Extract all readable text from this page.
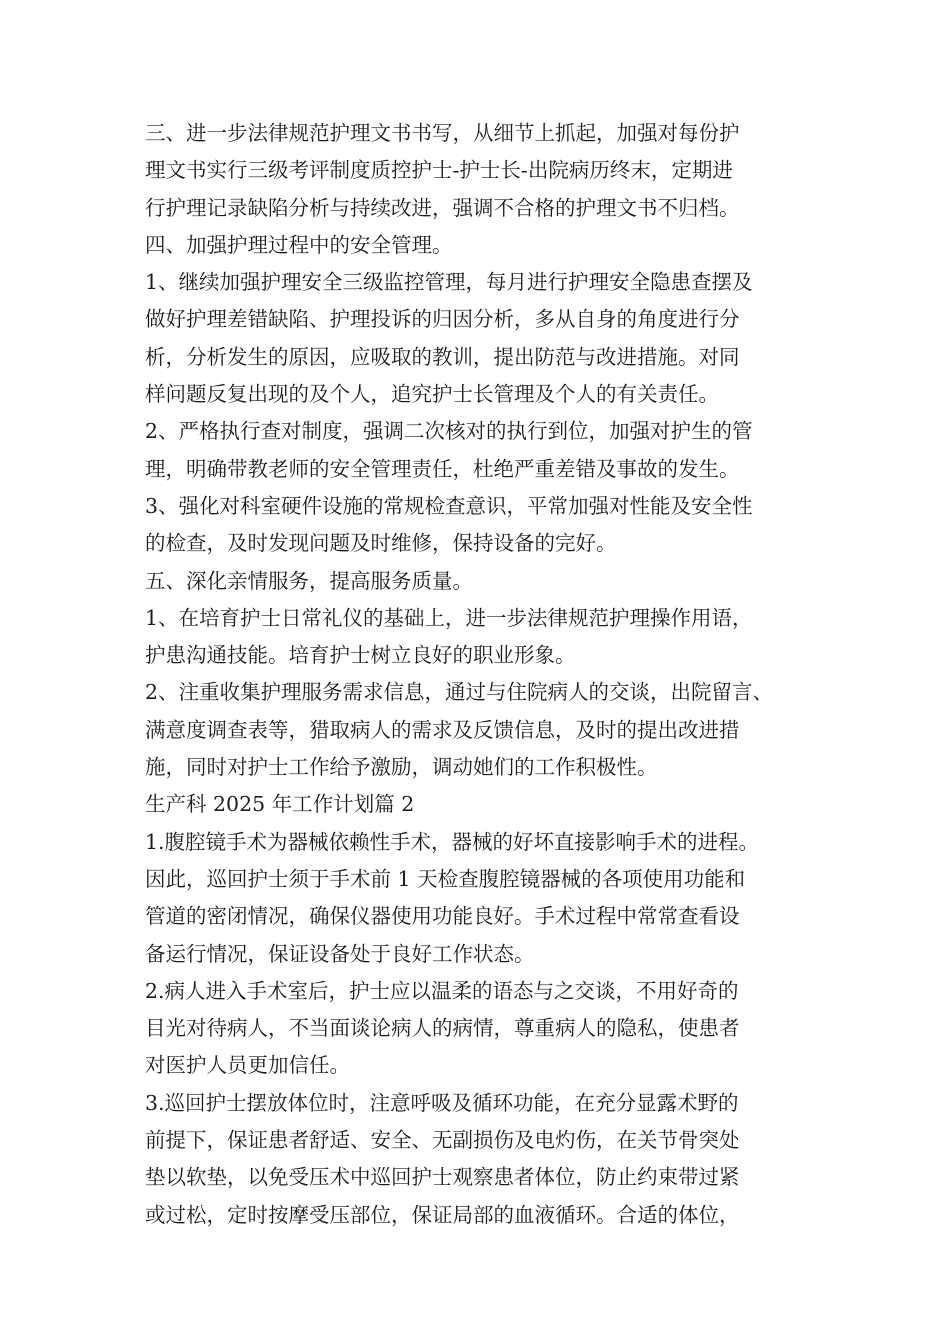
三、进一步法律规范护理文书书写，从细节上抓起，加强对每份护
理文书实行三级考评制度质控护士-护士长-出院病历终末，定期进
行护理记录缺陷分析与持续改进，强调不合格的护理文书不归档。
四、加强护理过程中的安全管理。
1、继续加强护理安全三级监控管理，每月进行护理安全隐患查摆及
做好护理差错缺陷、护理投诉的归因分析，多从自身的角度进行分
析，分析发生的原因，应吸取的教训，提出防范与改进措施。对同
样问题反复出现的及个人，追究护士长管理及个人的有关责任。
2、严格执行查对制度，强调二次核对的执行到位，加强对护生的管
理，明确带教老师的安全管理责任，杜绝严重差错及事故的发生。
3、强化对科室硬件设施的常规检查意识，平常加强对性能及安全性
的检查，及时发现问题及时维修，保持设备的完好。
五、深化亲情服务，提高服务质量。
1、在培育护士日常礼仪的基础上，进一步法律规范护理操作用语，
护患沟通技能。培育护士树立良好的职业形象。
2、注重收集护理服务需求信息，通过与住院病人的交谈，出院留言、
满意度调查表等，猎取病人的需求及反馈信息，及时的提出改进措
施，同时对护士工作给予激励，调动她们的工作积极性。
生产科 2025 年工作计划篇 2
1.腹腔镜手术为器械依赖性手术，器械的好坏直接影响手术的进程。
因此，巡回护士须于手术前 1 天检查腹腔镜器械的各项使用功能和
管道的密闭情况，确保仪器使用功能良好。手术过程中常常查看设
备运行情况，保证设备处于良好工作状态。
2.病人进入手术室后，护士应以温柔的语态与之交谈，不用好奇的
目光对待病人，不当面谈论病人的病情，尊重病人的隐私，使患者
对医护人员更加信任。
3.巡回护士摆放体位时，注意呼吸及循环功能，在充分显露术野的
前提下，保证患者舒适、安全、无副损伤及电灼伤，在关节骨突处
垫以软垫，以免受压术中巡回护士观察患者体位，防止约束带过紧
或过松，定时按摩受压部位，保证局部的血液循环。合适的体位，
